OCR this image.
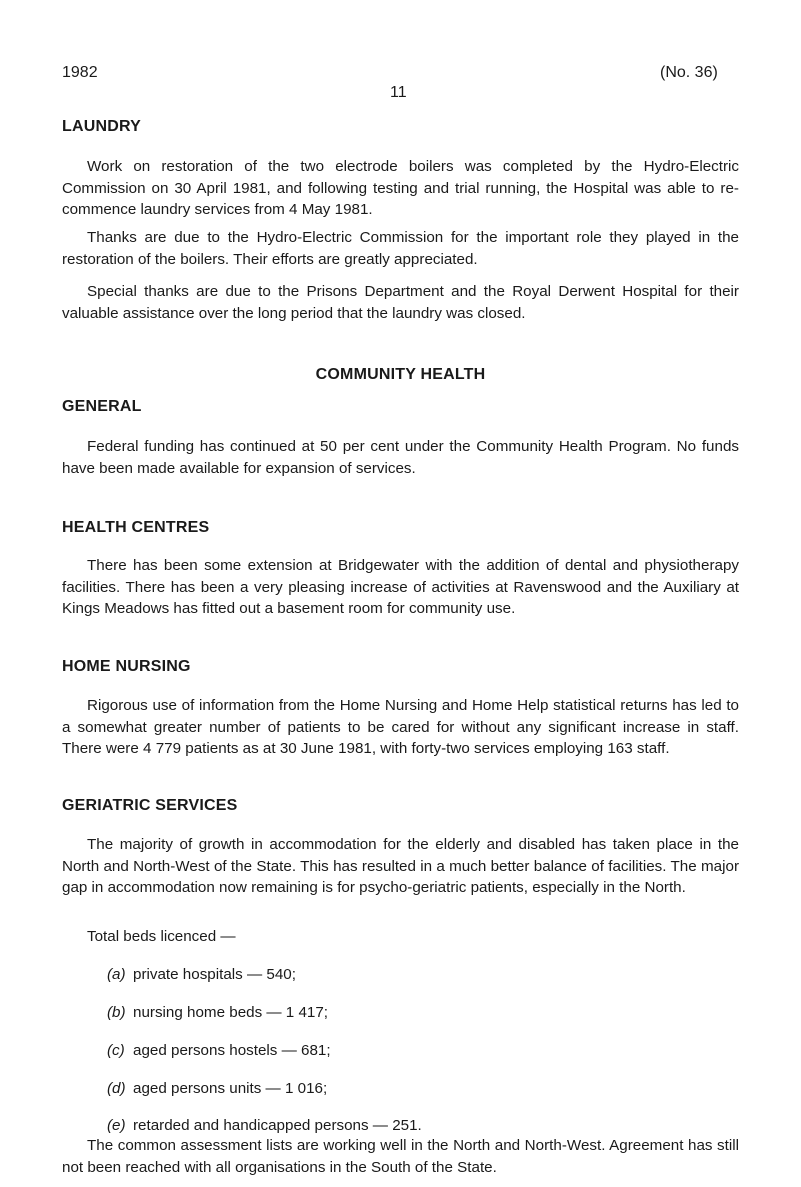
1982
11
(No. 36)
LAUNDRY
Work on restoration of the two electrode boilers was completed by the Hydro-Electric Commission on 30 April 1981, and following testing and trial running, the Hospital was able to re-commence laundry services from 4 May 1981.
Thanks are due to the Hydro-Electric Commission for the important role they played in the restoration of the boilers. Their efforts are greatly appreciated.
Special thanks are due to the Prisons Department and the Royal Derwent Hospital for their valuable assistance over the long period that the laundry was closed.
COMMUNITY HEALTH
GENERAL
Federal funding has continued at 50 per cent under the Community Health Program. No funds have been made available for expansion of services.
HEALTH CENTRES
There has been some extension at Bridgewater with the addition of dental and physiotherapy facilities. There has been a very pleasing increase of activities at Ravenswood and the Auxiliary at Kings Meadows has fitted out a basement room for community use.
HOME NURSING
Rigorous use of information from the Home Nursing and Home Help statistical returns has led to a somewhat greater number of patients to be cared for without any significant increase in staff. There were 4 779 patients as at 30 June 1981, with forty-two services employing 163 staff.
GERIATRIC SERVICES
The majority of growth in accommodation for the elderly and disabled has taken place in the North and North-West of the State. This has resulted in a much better balance of facilities. The major gap in accommodation now remaining is for psycho-geriatric patients, especially in the North.
Total beds licenced —
(a) private hospitals — 540;
(b) nursing home beds — 1 417;
(c) aged persons hostels — 681;
(d) aged persons units — 1 016;
(e) retarded and handicapped persons — 251.
The common assessment lists are working well in the North and North-West. Agreement has still not been reached with all organisations in the South of the State.
